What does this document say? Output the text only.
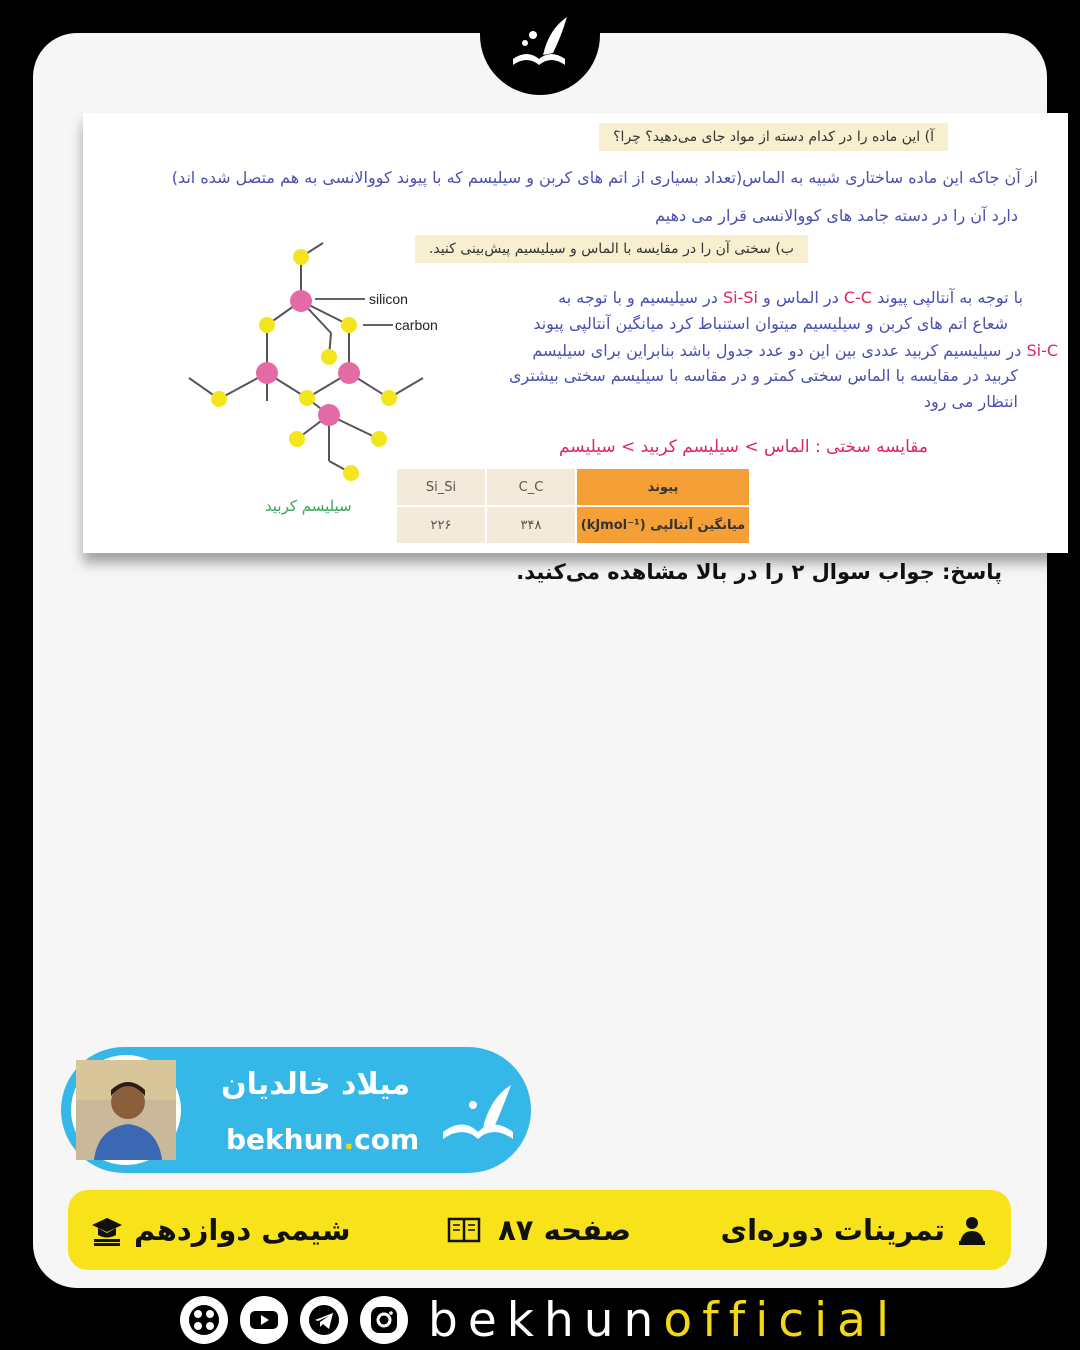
آ) این ماده را در کدام دسته از مواد جای می‌دهید؟ چرا؟
از آن جاکه این ماده ساختاری شبیه به الماس(تعداد بسیاری از اتم های کربن و سیلیسم که با پیوند کووالانسی به هم متصل شده اند)
دارد آن را در دسته جامد های کووالانسی قرار می دهیم
ب) سختی آن را در مقایسه با الماس و سیلیسیم پیش‌بینی کنید.
با توجه به آنتالپی پیوند C-C در الماس و Si-Si در سیلیسیم و با توجه به
شعاع اتم های کربن و سیلیسیم میتوان استنباط کرد میانگین آنتالپی پیوند
Si-C در سیلیسیم کربید عددی بین این دو عدد جدول باشد بنابراین برای سیلیسم
کربید در مقایسه با الماس سختی کمتر و در مقاسه با سیلیسم سختی بیشتری
انتظار می رود
مقایسه سختی : الماس > سیلیسم کربید > سیلیسم
پیوند	C_C	Si_Si
میانگین آنتالپی (kJmol⁻¹)	۳۴۸	۲۲۶
silicon
carbon
سیلیسم کربید
پاسخ: جواب سوال ۲ را در بالا مشاهده می‌کنید.
میلاد خالدیان
bekhun.com
تمرینات دوره‌ای
صفحه ۸۷
شیمی دوازدهم
bekhunofficial
